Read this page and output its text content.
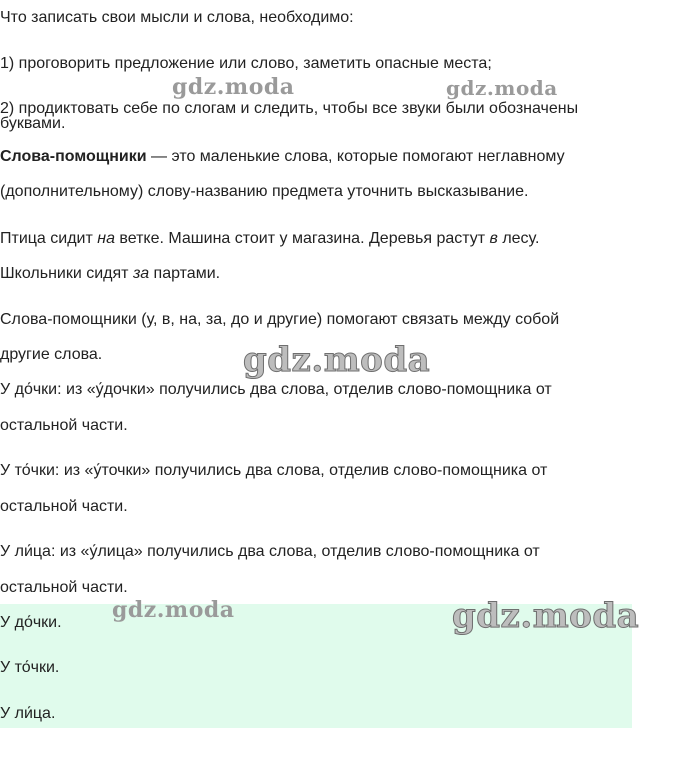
Что записать свои мысли и слова, необходимо:
1) проговорить предложение или слово, заметить опасные места;
2) продиктовать себе по слогам и следить, чтобы все звуки были обозначены
буквами.
Слова-помощники — это маленькие слова, которые помогают неглавному
(дополнительному) слову-названию предмета уточнить высказывание.
Птица сидит на ветке. Машина стоит у магазина. Деревья растут в лесу.
Школьники сидят за партами.
Слова-помощники (у, в, на, за, до и другие) помогают связать между собой
другие слова.
У до́чки: из «у́дочки» получились два слова, отделив слово-помощника от
остальной части.
У то́чки: из «у́точки» получились два слова, отделив слово-помощника от
остальной части.
У ли́ца: из «у́лица» получились два слова, отделив слово-помощника от
остальной части.
У до́чки.
У то́чки.
У ли́ца.
gdz.moda	gdz.moda
gdz.moda
gdz.moda	gdz.moda
